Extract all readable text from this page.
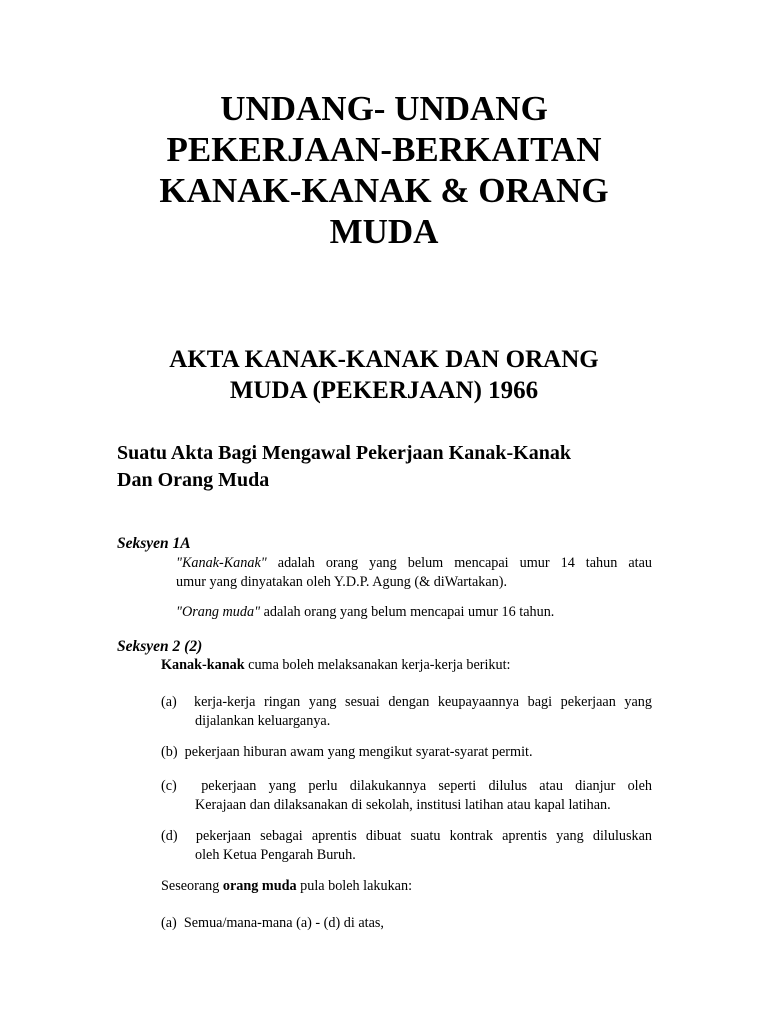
UNDANG- UNDANG
PEKERJAAN-BERKAITAN
KANAK-KANAK & ORANG
MUDA
AKTA KANAK-KANAK DAN ORANG
MUDA (PEKERJAAN) 1966

Suatu Akta Bagi Mengawal Pekerjaan Kanak-Kanak
Dan Orang Muda

Seksyen 1A

"Kanak-Kanak" adalah orang yang belum mencapai umur 14 tahun atau
umur yang dinyatakan oleh Y.D.P. Agung (& diWartakan).

"Orang muda" adalah orang yang belum mencapai umur 16 tahun.

Seksyen 2 (2)

Kanak-kanak cuma boleh melaksanakan kerja-kerja berikut:

(a) kerja-kerja ringan yang sesuai dengan keupayaannya bagi pekerjaan yang
dijalankan keluarganya.

(b) pekerjaan hiburan awam yang mengikut syarat-syarat permit.

(c) pekerjaan yang perlu dilakukannya seperti dilulus atau dianjur oleh
Kerajaan dan dilaksanakan di sekolah, institusi latihan atau kapal latihan.

(d) pekerjaan sebagai aprentis dibuat suatu kontrak aprentis yang diluluskan
oleh Ketua Pengarah Buruh.

Seseorang orang muda pula boleh lakukan:

(a) Semua/mana-mana (a) - (d) di atas,
